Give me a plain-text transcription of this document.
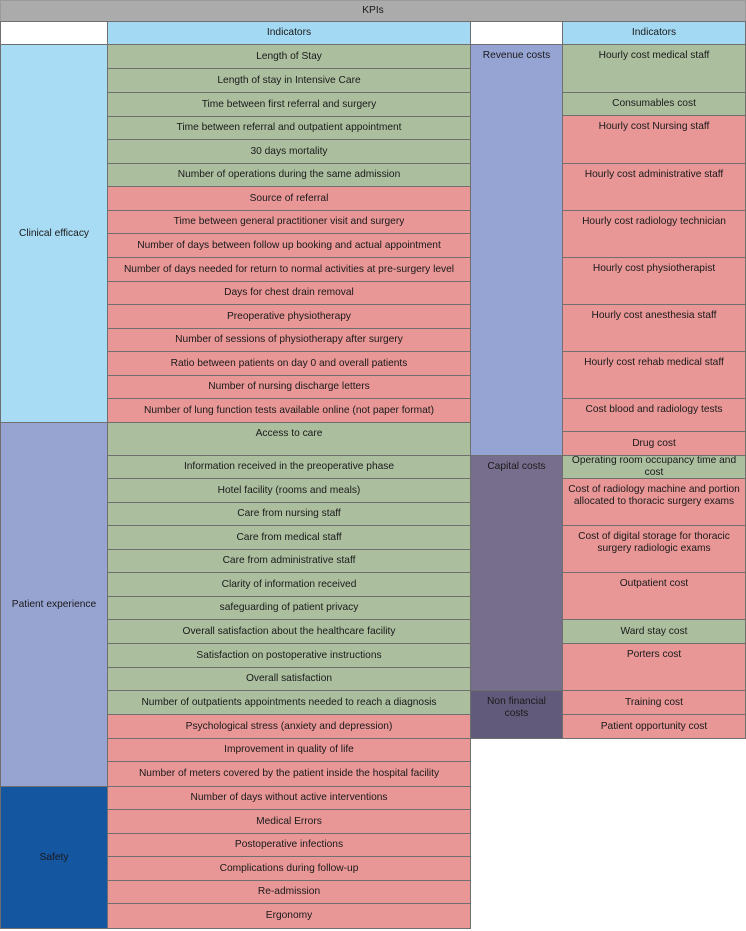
KPIs
Indicators	Indicators
Clinical efficacy
Patient experience
Safety
Length of Stay
Length of stay in Intensive Care
Time between first referral and surgery
Time between referral and outpatient appointment
30 days mortality
Number of operations during the same admission
Source of referral
Time between general practitioner visit and surgery
Number of days between follow up booking and actual appointment
Number of days needed for return to normal activities at pre-surgery level
Days for chest drain removal
Preoperative physiotherapy
Number of sessions of physiotherapy after surgery
Ratio between patients on day 0 and overall patients
Number of nursing discharge letters
Number of lung function tests available online (not paper format)
Access to care
Information received in the preoperative phase
Hotel facility (rooms and meals)
Care from nursing staff
Care from medical staff
Care from administrative staff
Clarity of information received
safeguarding of patient privacy
Overall satisfaction about the healthcare facility
Satisfaction on postoperative instructions
Overall satisfaction
Number of outpatients appointments needed to reach a diagnosis
Psychological stress (anxiety and depression)
Improvement in quality of life
Number of meters covered by the patient inside the hospital facility
Number of days without active interventions
Medical Errors
Postoperative infections
Complications during follow-up
Re-admission
Ergonomy
Revenue costs
Capital costs
Non financial costs
Hourly cost medical staff
Consumables cost
Hourly cost Nursing staff
Hourly cost administrative staff
Hourly cost radiology technician
Hourly cost physiotherapist
Hourly cost anesthesia staff
Hourly cost rehab medical staff
Cost blood and radiology tests
Drug cost
Operating room occupancy time and cost
Cost of radiology machine and portion allocated to thoracic surgery exams
Cost of digital storage for thoracic surgery radiologic exams
Outpatient cost
Ward stay cost
Porters cost
Training cost
Patient opportunity cost
